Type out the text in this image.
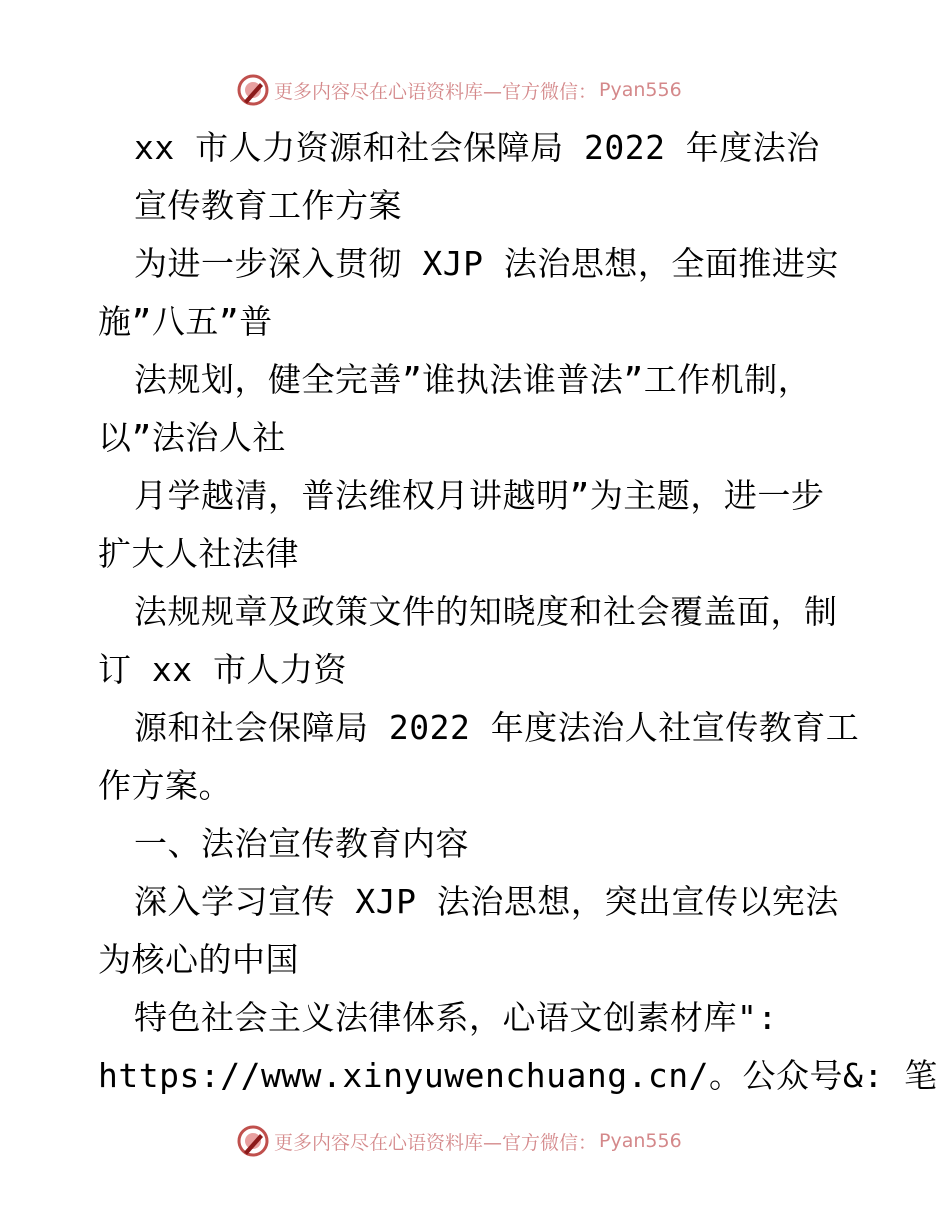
更多内容尽在心语资料库—官方微信： Pyan556
xx 市人力资源和社会保障局 2022 年度法治
宣传教育工作方案
为进一步深入贯彻 XJP 法治思想，全面推进实
施”八五”普
法规划，健全完善”谁执法谁普法”工作机制，
以”法治人社
月学越清，普法维权月讲越明”为主题，进一步
扩大人社法律
法规规章及政策文件的知晓度和社会覆盖面，制
订 xx 市人力资
源和社会保障局 2022 年度法治人社宣传教育工
作方案。
一、法治宣传教育内容
深入学习宣传 XJP 法治思想，突出宣传以宪法
为核心的中国
特色社会主义法律体系，心语文创素材库":
https://www.xinyuwenchuang.cn/。公众号&: 笔
更多内容尽在心语资料库—官方微信： Pyan556
